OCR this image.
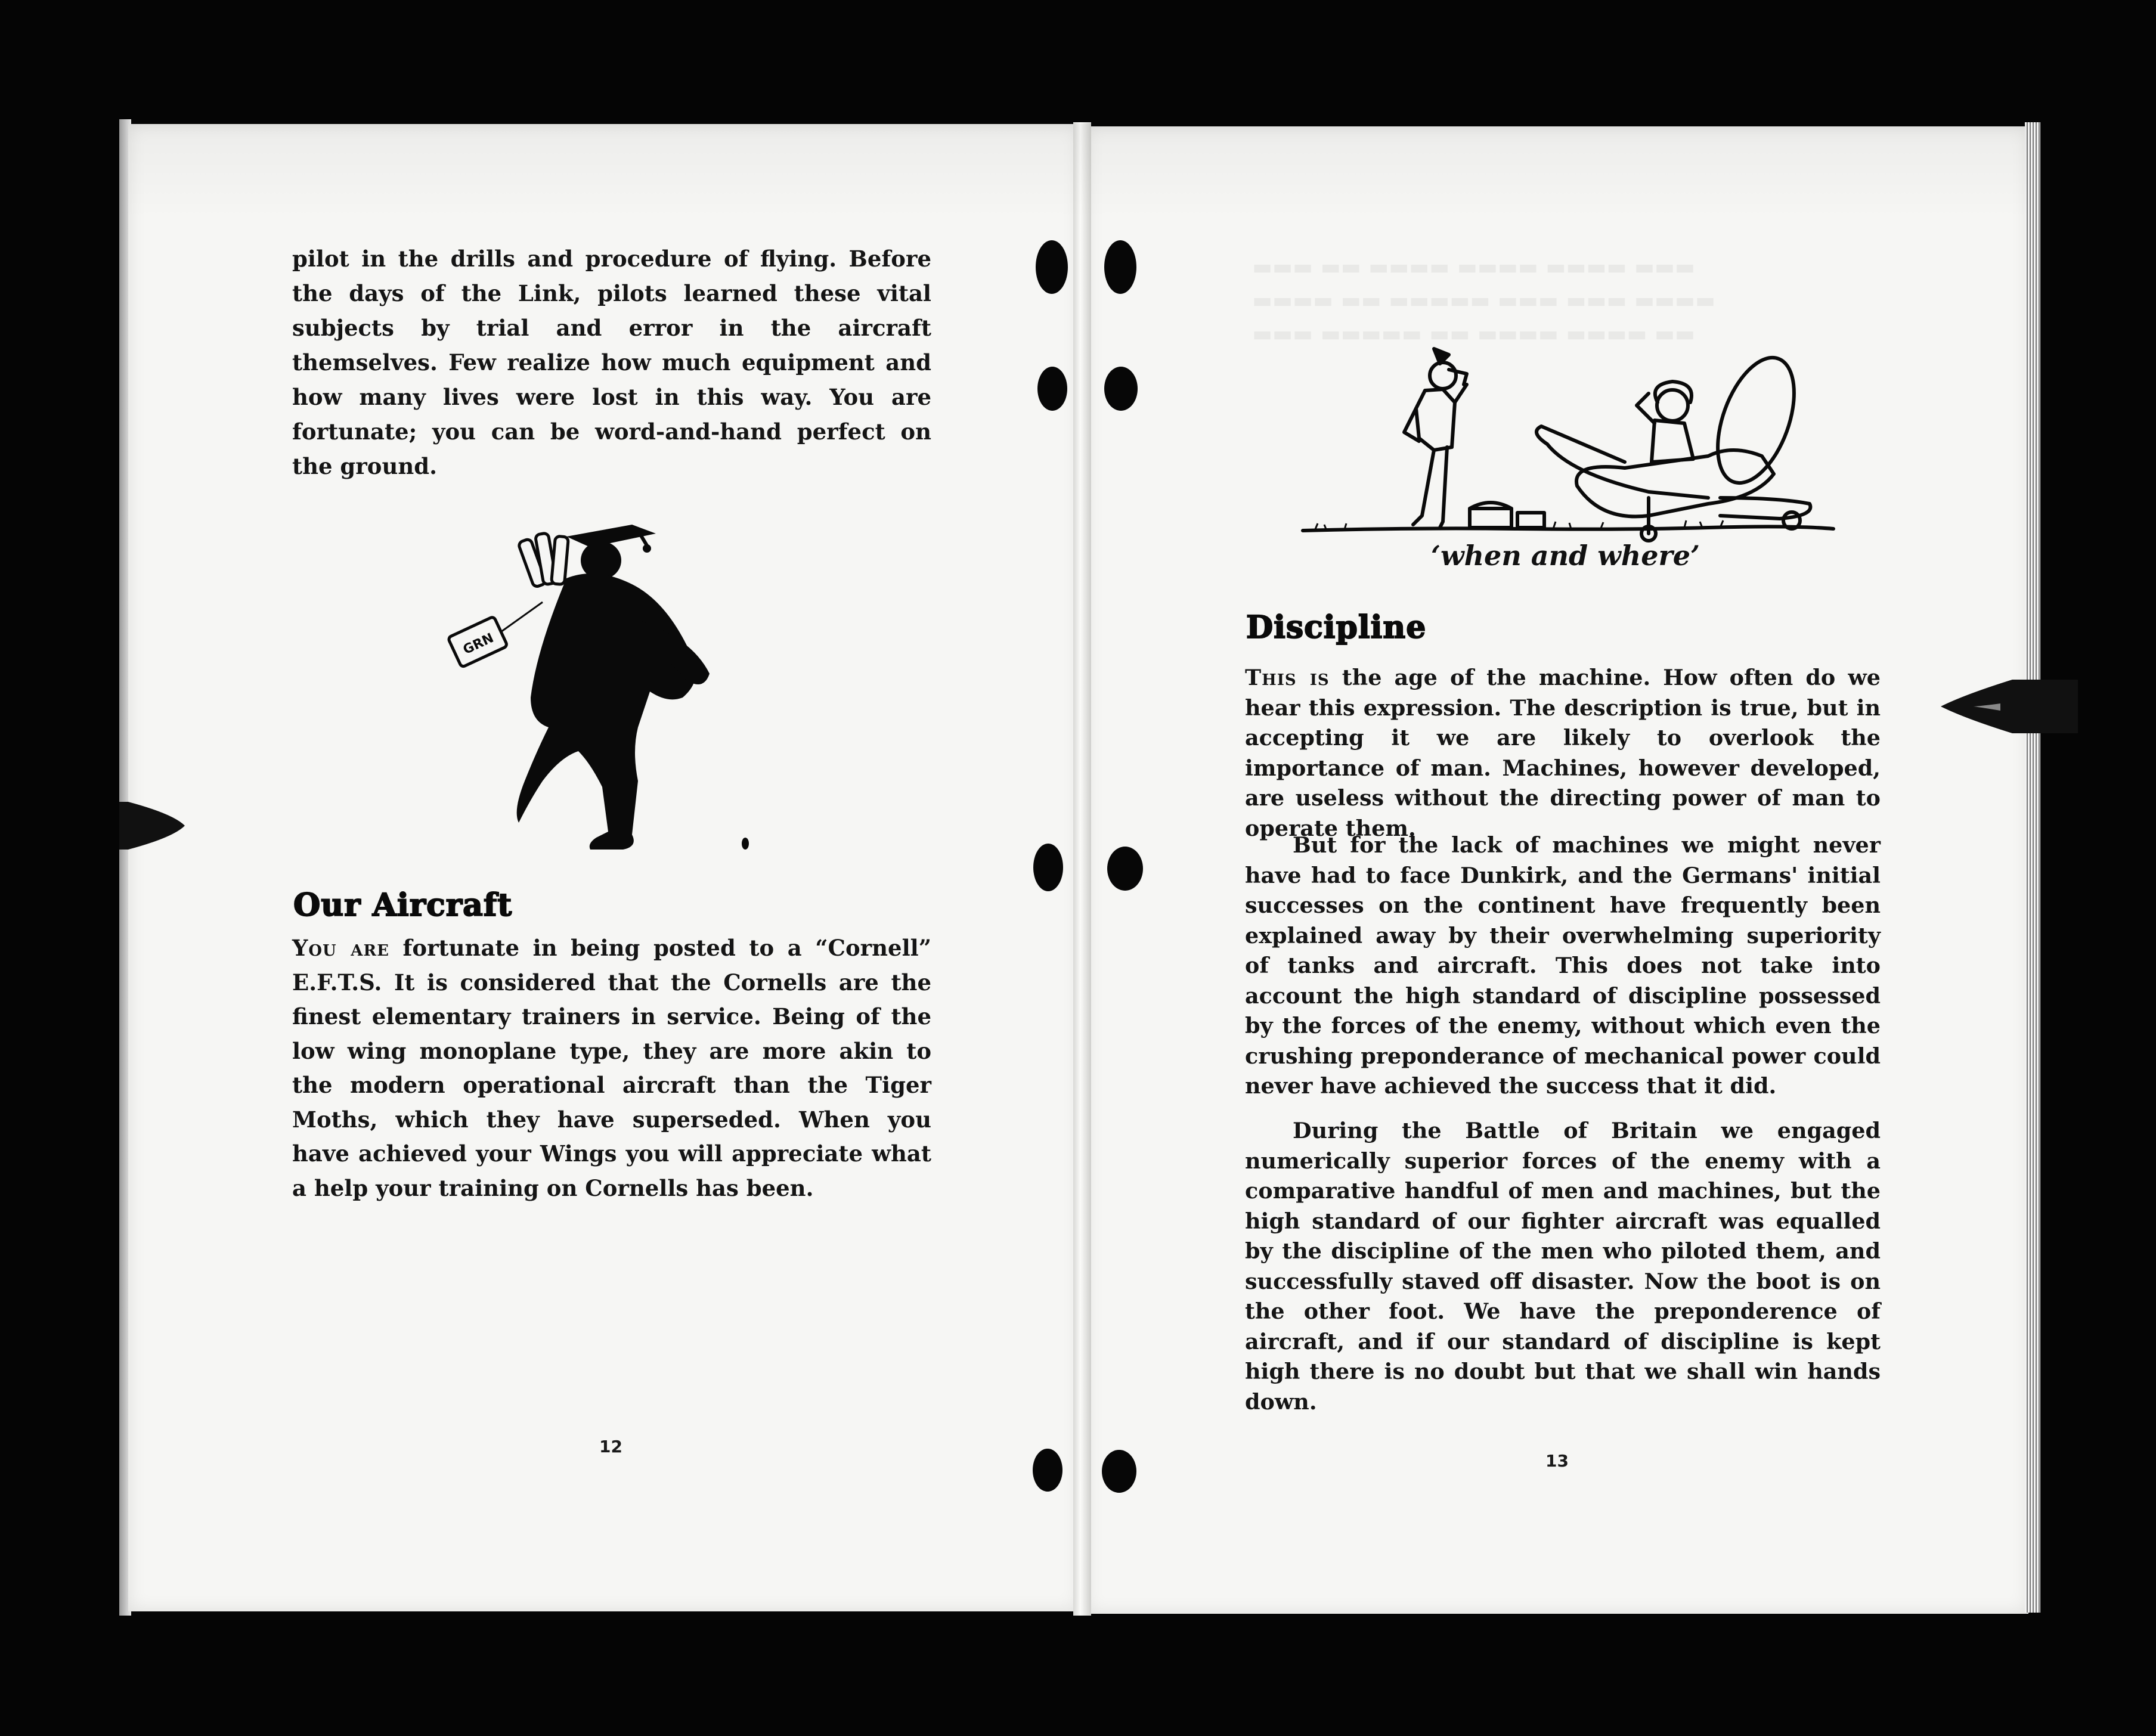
▬▬▬ ▬▬ ▬▬▬▬ ▬▬▬▬ ▬▬▬▬ ▬▬▬
▬▬▬▬ ▬▬ ▬▬▬▬▬ ▬▬▬ ▬▬▬ ▬▬▬▬
▬▬▬ ▬▬▬▬▬ ▬▬ ▬▬▬▬ ▬▬▬▬ ▬▬

pilot in the drills and procedure of flying. Before the days of the Link, pilots learned these vital subjects by trial and error in the aircraft themselves. Few realize how much equipment and how many lives were lost in this way. You are fortunate; you can be word-and-hand perfect on the ground.

GRN
Our Aircraft

You are fortunate in being posted to a “Cornell” E.F.T.S. It is considered that the Cornells are the finest elementary trainers in service. Being of the low wing monoplane type, they are more akin to the modern operational aircraft than the Tiger Moths, which they have superseded. When you have achieved your Wings you will appreciate what a help your training on Cornells has been.

12
‘when and where’
Discipline

This is the age of the machine. How often do we hear this expression. The description is true, but in accepting it we are likely to overlook the importance of man. Machines, however developed, are useless without the directing power of man to operate them.

But for the lack of machines we might never have had to face Dunkirk, and the Germans' initial successes on the continent have frequently been explained away by their overwhelming superiority of tanks and aircraft. This does not take into account the high standard of discipline possessed by the forces of the enemy, without which even the crushing preponderance of mechanical power could never have achieved the success that it did.

During the Battle of Britain we engaged numerically superior forces of the enemy with a comparative handful of men and machines, but the high standard of our fighter aircraft was equalled by the discipline of the men who piloted them, and successfully staved off disaster. Now the boot is on the other foot. We have the preponderence of aircraft, and if our standard of discipline is kept high there is no doubt but that we shall win hands down.

13
